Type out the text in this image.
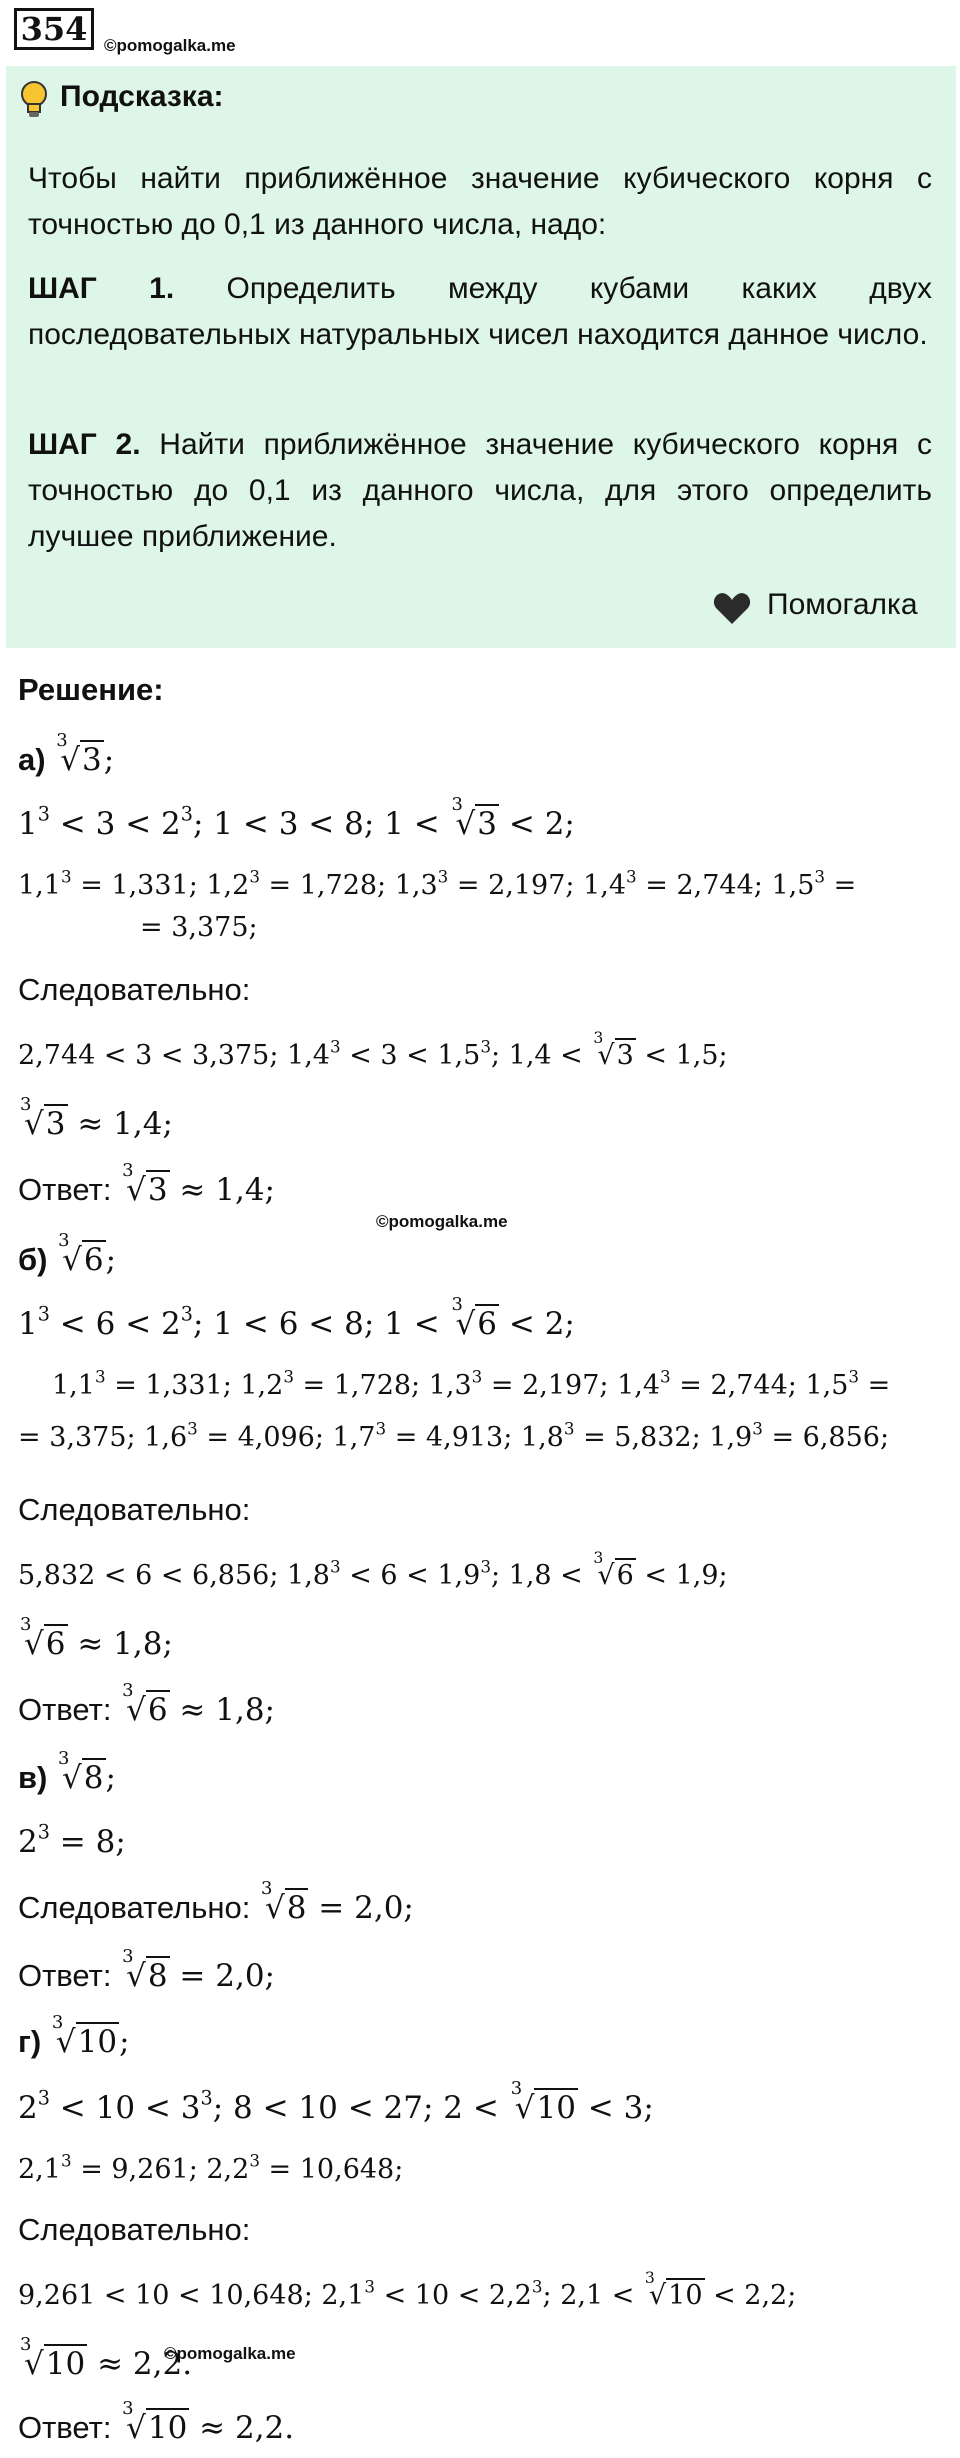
354 ©pomogalka.me
Подсказка:
Чтобы найти приближённое значение кубического корня с точностью до 0,1 из данного числа, надо:
ШАГ 1. Определить между кубами каких двух последовательных натуральных чисел находится данное число.
ШАГ 2. Найти приближённое значение кубического корня с точностью до 0,1 из данного числа, для этого определить лучшее приближение.
Помогалка
Решение:
а)
3
√3;
$1^3 < 3 < 2^3$; 1 < 3 < 8; 1 <
3
√3 < 2;
$1,1^3 = 1,331$; $1,2^3 = 1,728$; $1,3^3 = 2,197$; $1,4^3 = 2,744$; $1,5^3$ =
= 3,375;
Следовательно:
2,744 < 3 < 3,375; $1,4^3 < 3 < 1,5^3$; 1,4 <
3
√3 < 1,5;
3
√3 ≈ 1,4;
Ответ:
3
√3 ≈ 1,4;
©pomogalka.me
б)
3
√6;
$1^3 < 6 < 2^3$; 1 < 6 < 8; 1 <
3
√6 < 2;
$1,1^3 = 1,331$; $1,2^3 = 1,728$; $1,3^3 = 2,197$; $1,4^3 = 2,744$; $1,5^3$ =
= 3,375; $1,6^3 = 4,096$; $1,7^3 = 4,913$; $1,8^3 = 5,832$; $1,9^3 = 6,856$;
Следовательно:
5,832 < 6 < 6,856; $1,8^3 < 6 < 1,9^3$; 1,8 <
3
√6 < 1,9;
3
√6 ≈ 1,8;
Ответ:
3
√6 ≈ 1,8;
в)
3
√8;
$2^3 = 8$;
Следовательно:
3
√8 = 2,0;
Ответ:
3
√8 = 2,0;
г)
3
√10;
$2^3 < 10 < 3^3$; 8 < 10 < 27; 2 <
3
√10 < 3;
$2,1^3 = 9,261$; $2,2^3 = 10,648$;
Следовательно:
9,261 < 10 < 10,648; $2,1^3 < 10 < 2,2^3$; 2,1 <
3
√10 < 2,2;
3
√10 ≈ 2,2.
©pomogalka.me
Ответ:
3
√10 ≈ 2,2.
